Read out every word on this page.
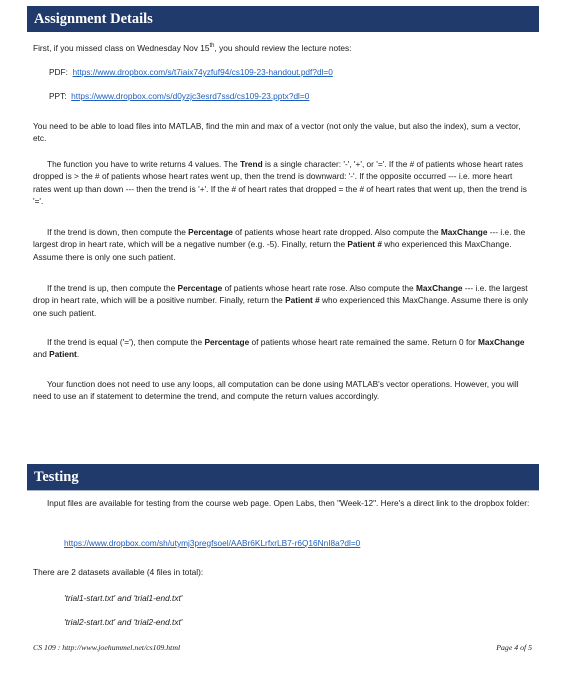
Assignment Details

First, if you missed class on Wednesday Nov 15th, you should review the lecture notes:

PDF: https://www.dropbox.com/s/t7iaix74yzfuf94/cs109-23-handout.pdf?dl=0

PPT: https://www.dropbox.com/s/d0yzjc3esrd7ssd/cs109-23.pptx?dl=0

You need to be able to load files into MATLAB, find the min and max of a vector (not only the value, but also the index), sum a vector, etc.

The function you have to write returns 4 values. The Trend is a single character: '-', '+', or '='. If the # of patients whose heart rates dropped is > the # of patients whose heart rates went up, then the trend is downward: '-'. If the opposite occurred --- i.e. more heart rates went up than down --- then the trend is '+'. If the # of heart rates that dropped = the # of heart rates that went up, then the trend is '='.

If the trend is down, then compute the Percentage of patients whose heart rate dropped. Also compute the MaxChange --- i.e. the largest drop in heart rate, which will be a negative number (e.g. -5). Finally, return the Patient # who experienced this MaxChange. Assume there is only one such patient.

If the trend is up, then compute the Percentage of patients whose heart rate rose. Also compute the MaxChange --- i.e. the largest drop in heart rate, which will be a positive number. Finally, return the Patient # who experienced this MaxChange. Assume there is only one such patient.

If the trend is equal ('='), then compute the Percentage of patients whose heart rate remained the same. Return 0 for MaxChange and Patient.

Your function does not need to use any loops, all computation can be done using MATLAB's vector operations. However, you will need to use an if statement to determine the trend, and compute the return values accordingly.

Testing

Input files are available for testing from the course web page. Open Labs, then "Week-12". Here's a direct link to the dropbox folder:

https://www.dropbox.com/sh/utymj3pregfsoel/AABr6KLrfxrLB7-r6Q16NnI8a?dl=0

There are 2 datasets available (4 files in total):

'trial1-start.txt' and 'trial1-end.txt'
'trial2-start.txt' and 'trial2-end.txt'
CS 109 : http://www.joehummel.net/cs109.html	Page 4 of 5
